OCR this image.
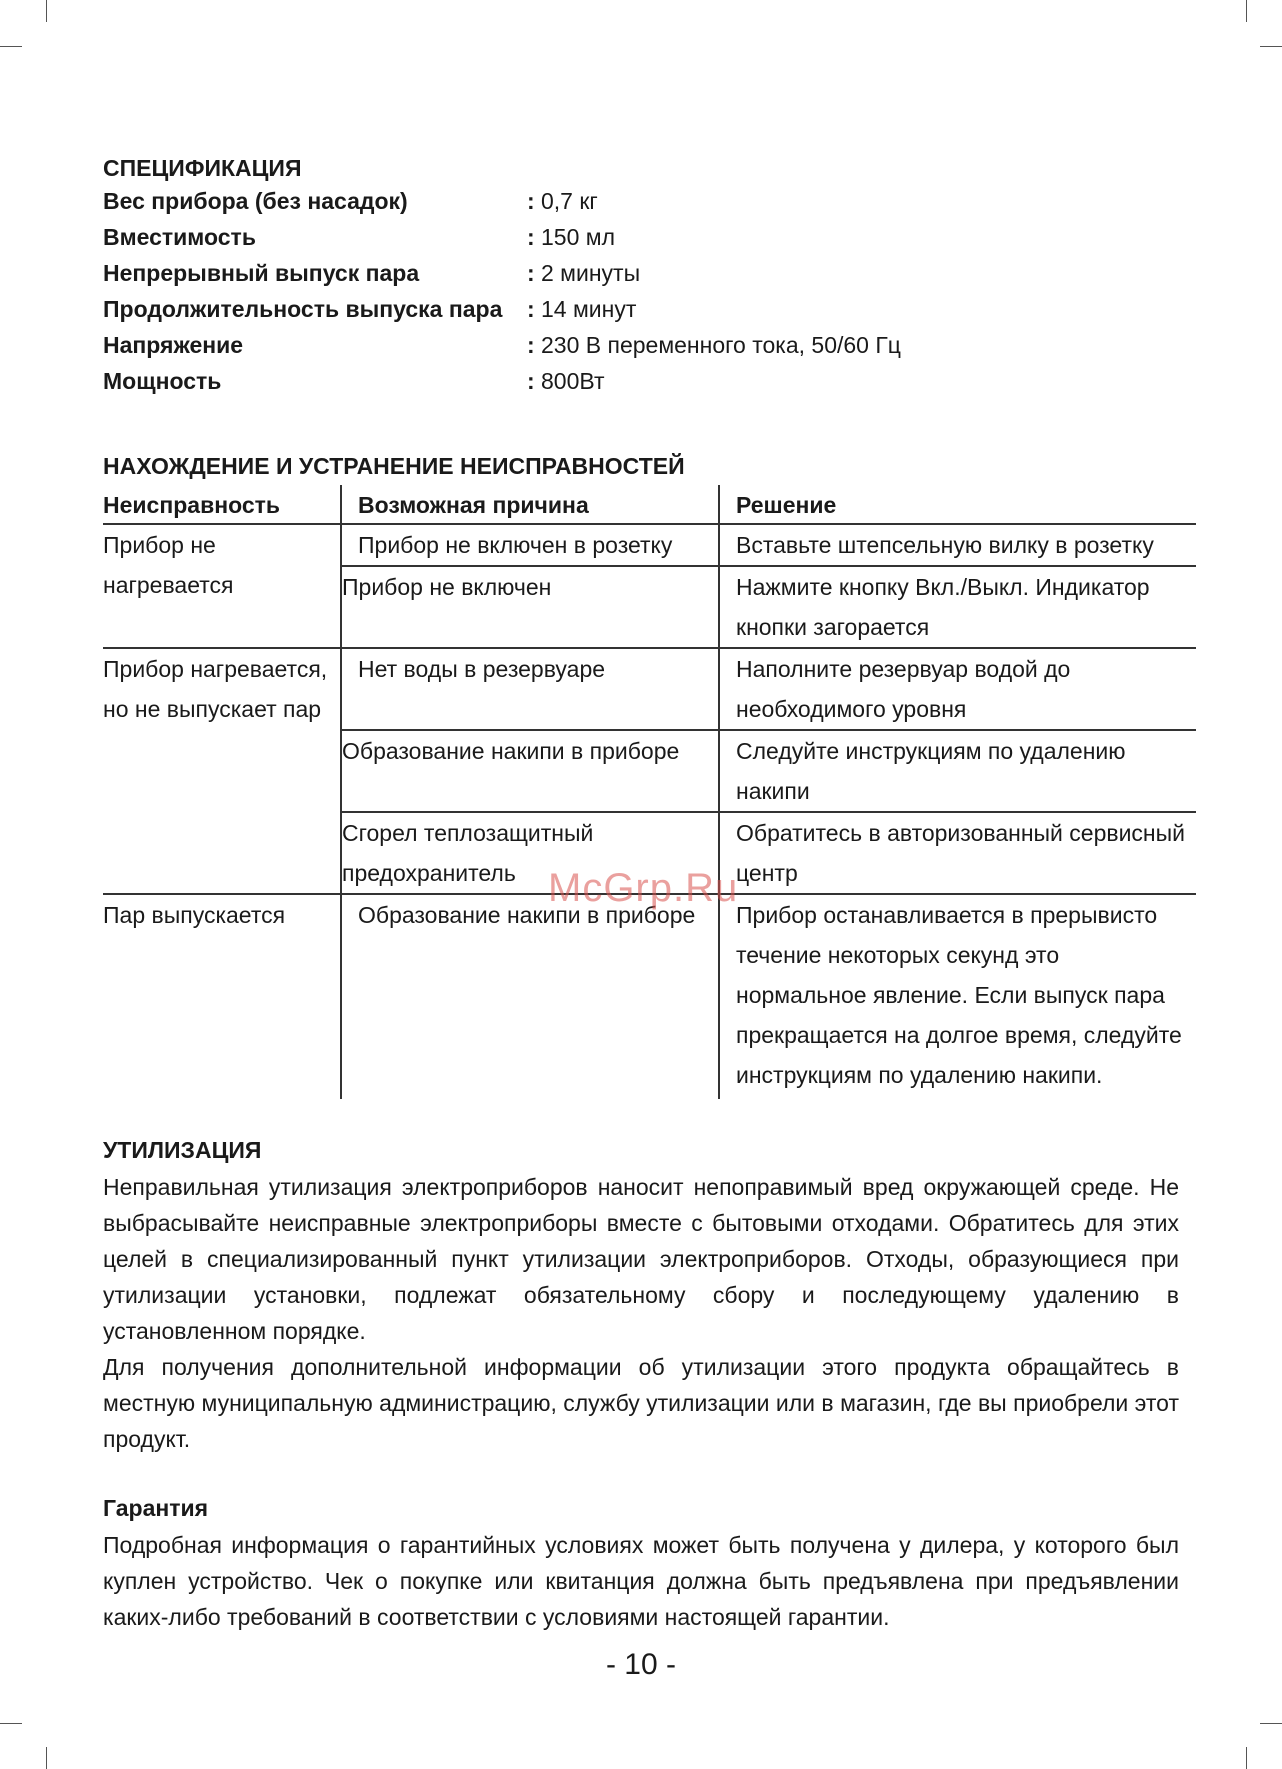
СПЕЦИФИКАЦИЯ
Вес прибора (без насадок)	: 0,7 кг
Вместимость	: 150 мл
Непрерывный выпуск пара	: 2 минуты
Продолжительность выпуска пара	: 14 минут
Напряжение	: 230 В переменного тока, 50/60 Гц
Мощность	: 800Вт
НАХОЖДЕНИЕ И УСТРАНЕНИЕ НЕИСПРАВНОСТЕЙ
Неисправность	Возможная причина	Решение
Прибор не нагревается	Прибор не включен в розетку	Вставьте штепсельную вилку в розетку
	Прибор не включен	Нажмите кнопку Вкл./Выкл. Индикатор кнопки загорается
Прибор нагревается, но не выпускает пар	Нет воды в резервуаре	Наполните резервуар водой до необходимого уровня
	Образование накипи в приборе	Следуйте инструкциям по удалению накипи
	Сгорел теплозащитный предохранитель	Обратитесь в авторизованный сервисный центр
Пар выпускается	Образование накипи в приборе	Прибор останавливается в прерывисто течение некоторых секунд это нормальное явление. Если выпуск пара прекращается на долгое время, следуйте инструкциям по удалению накипи.
УТИЛИЗАЦИЯ

Неправильная утилизация электроприборов наносит непоправимый вред окружающей среде. Не выбрасывайте неисправные электроприборы вместе с бытовыми отходами. Обратитесь для этих целей в специализированный пункт утилизации электроприборов. Отходы, образующиеся при утилизации установки, подлежат обязательному сбору и последующему удалению в установленном порядке.

Для получения дополнительной информации об утилизации этого продукта обращайтесь в местную муниципальную администрацию, службу утилизации или в магазин, где вы приобрели этот продукт.

Гарантия

Подробная информация о гарантийных условиях может быть получена у дилера, у которого был куплен устройство. Чек о покупке или квитанция должна быть предъявлена при предъявлении каких-либо требований в соответствии с условиями настоящей гарантии.

McGrp.Ru
- 10 -
